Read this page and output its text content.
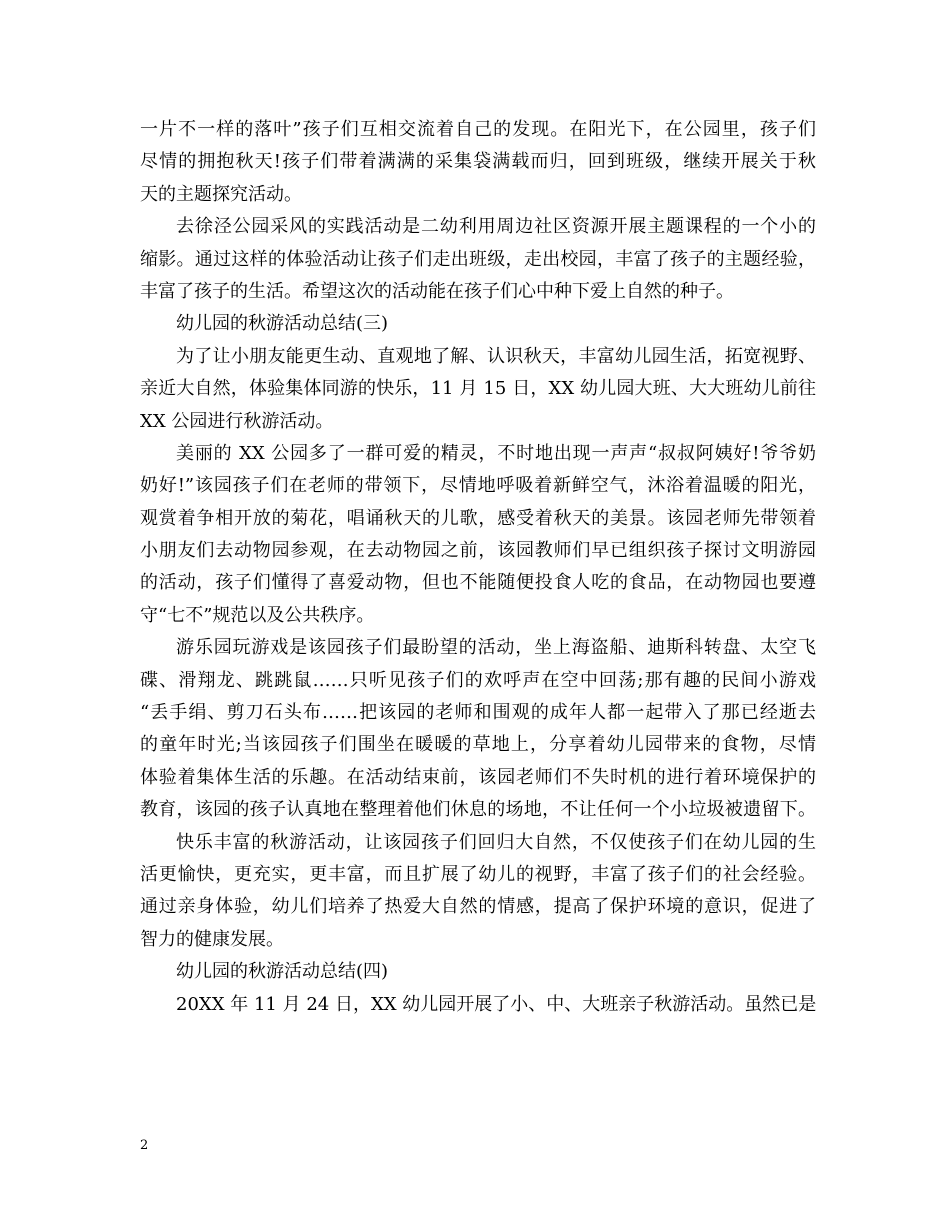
一片不一样的落叶”孩子们互相交流着自己的发现。在阳光下，在公园里，孩子们
尽情的拥抱秋天!孩子们带着满满的采集袋满载而归，回到班级，继续开展关于秋
天的主题探究活动。
去徐泾公园采风的实践活动是二幼利用周边社区资源开展主题课程的一个小的
缩影。通过这样的体验活动让孩子们走出班级，走出校园，丰富了孩子的主题经验，
丰富了孩子的生活。希望这次的活动能在孩子们心中种下爱上自然的种子。
幼儿园的秋游活动总结(三)
为了让小朋友能更生动、直观地了解、认识秋天，丰富幼儿园生活，拓宽视野、
亲近大自然，体验集体同游的快乐，11 月 15 日，XX 幼儿园大班、大大班幼儿前往
XX 公园进行秋游活动。
美丽的 XX 公园多了一群可爱的精灵，不时地出现一声声“叔叔阿姨好!爷爷奶
奶好!”该园孩子们在老师的带领下，尽情地呼吸着新鲜空气，沐浴着温暖的阳光，
观赏着争相开放的菊花，唱诵秋天的儿歌，感受着秋天的美景。该园老师先带领着
小朋友们去动物园参观，在去动物园之前，该园教师们早已组织孩子探讨文明游园
的活动，孩子们懂得了喜爱动物，但也不能随便投食人吃的食品，在动物园也要遵
守“七不”规范以及公共秩序。
游乐园玩游戏是该园孩子们最盼望的活动，坐上海盗船、迪斯科转盘、太空飞
碟、滑翔龙、跳跳鼠……只听见孩子们的欢呼声在空中回荡;那有趣的民间小游戏
“丢手绢、剪刀石头布……把该园的老师和围观的成年人都一起带入了那已经逝去
的童年时光;当该园孩子们围坐在暖暖的草地上，分享着幼儿园带来的食物，尽情
体验着集体生活的乐趣。在活动结束前，该园老师们不失时机的进行着环境保护的
教育，该园的孩子认真地在整理着他们休息的场地，不让任何一个小垃圾被遗留下。
快乐丰富的秋游活动，让该园孩子们回归大自然，不仅使孩子们在幼儿园的生
活更愉快，更充实，更丰富，而且扩展了幼儿的视野，丰富了孩子们的社会经验。
通过亲身体验，幼儿们培养了热爱大自然的情感，提高了保护环境的意识，促进了
智力的健康发展。
幼儿园的秋游活动总结(四)
20XX 年 11 月 24 日，XX 幼儿园开展了小、中、大班亲子秋游活动。虽然已是
2
